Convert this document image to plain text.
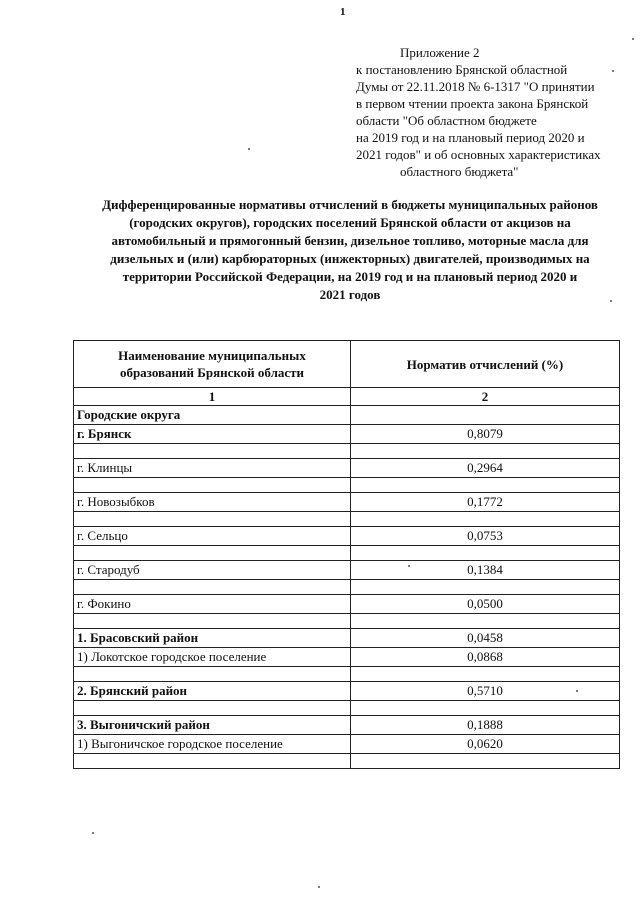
1
Приложение 2
к постановлению Брянской областной
Думы от 22.11.2018 № 6-1317 "О принятии
в первом чтении проекта закона Брянской
области "Об областном бюджете
на 2019 год и на плановый период 2020 и
2021 годов" и об основных характеристиках
областного бюджета"
Дифференцированные нормативы отчислений в бюджеты муниципальных районов
(городских округов), городских поселений Брянской области от акцизов на
автомобильный и прямогонный бензин, дизельное топливо, моторные масла для
дизельных и (или) карбюраторных (инжекторных) двигателей, производимых на
территории Российской Федерации, на 2019 год и на плановый период 2020 и
2021 годов
Наименование муниципальных
образований Брянской области	Норматив отчислений (%)
1	2
Городские округа	
г. Брянск	0,8079

г. Клинцы	0,2964

г. Новозыбков	0,1772

г. Сельцо	0,0753

г. Стародуб	0,1384

г. Фокино	0,0500

1. Брасовский район	0,0458
1) Локотское городское поселение	0,0868

2. Брянский район	0,5710

3. Выгоничский район	0,1888
1) Выгоничское городское поселение	0,0620
